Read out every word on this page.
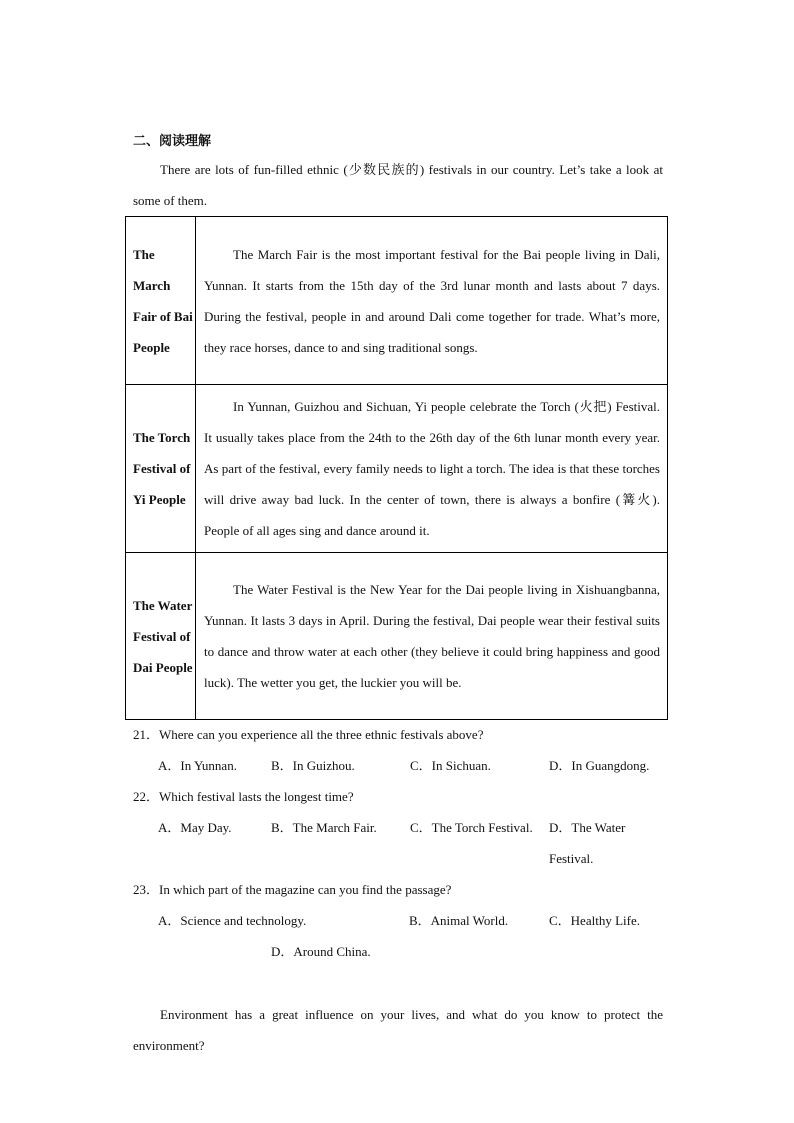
二、阅读理解

There are lots of fun-filled ethnic (少数民族的) festivals in our country. Let’s take a look at some of them.

The March Fair of Bai People	The March Fair is the most important festival for the Bai people living in Dali, Yunnan. It starts from the 15th day of the 3rd lunar month and lasts about 7 days. During the festival, people in and around Dali come together for trade. What’s more, they race horses, dance to and sing traditional songs.
The Torch Festival of Yi People	In Yunnan, Guizhou and Sichuan, Yi people celebrate the Torch (火把) Festival. It usually takes place from the 24th to the 26th day of the 6th lunar month every year. As part of the festival, every family needs to light a torch. The idea is that these torches will drive away bad luck. In the center of town, there is always a bonfire (篝火). People of all ages sing and dance around it.
The Water Festival of Dai People	The Water Festival is the New Year for the Dai people living in Xishuangbanna, Yunnan. It lasts 3 days in April. During the festival, Dai people wear their festival suits to dance and throw water at each other (they believe it could bring happiness and good luck). The wetter you get, the luckier you will be.
21．Where can you experience all the three ethnic festivals above?
A．In Yunnan.	B．In Guizhou.	C．In Sichuan.	D．In Guangdong.
22．Which festival lasts the longest time?
A．May Day.	B．The March Fair.	C．The Torch Festival. D．The Water Festival.
23．In which part of the magazine can you find the passage?
A．Science and technology.	B．Animal World.	C．Healthy Life.
D．Around China.

Environment has a great influence on your lives, and what do you know to protect the environment?
